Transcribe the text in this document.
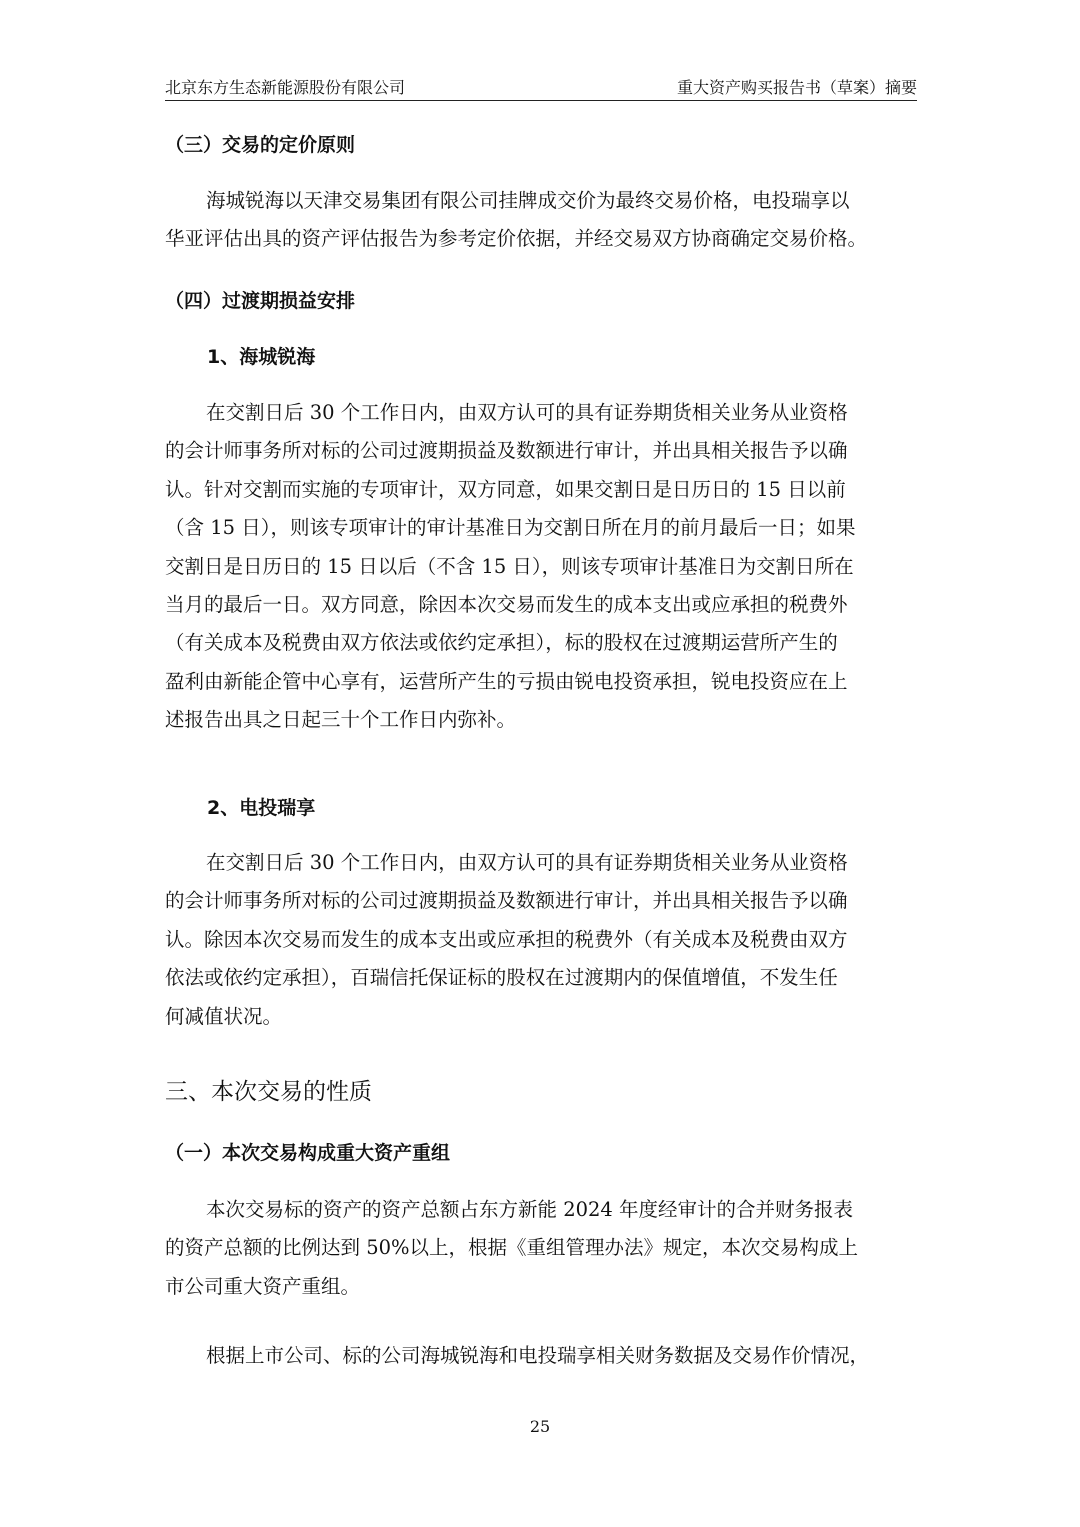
北京东方生态新能源股份有限公司	重大资产购买报告书（草案）摘要
（三）交易的定价原则
海城锐海以天津交易集团有限公司挂牌成交价为最终交易价格，电投瑞享以
华亚评估出具的资产评估报告为参考定价依据，并经交易双方协商确定交易价格。
（四）过渡期损益安排
1、海城锐海
在交割日后 30 个工作日内，由双方认可的具有证券期货相关业务从业资格
的会计师事务所对标的公司过渡期损益及数额进行审计，并出具相关报告予以确
认。针对交割而实施的专项审计，双方同意，如果交割日是日历日的 15 日以前
（含 15 日），则该专项审计的审计基准日为交割日所在月的前月最后一日；如果
交割日是日历日的 15 日以后（不含 15 日），则该专项审计基准日为交割日所在
当月的最后一日。双方同意，除因本次交易而发生的成本支出或应承担的税费外
（有关成本及税费由双方依法或依约定承担），标的股权在过渡期运营所产生的
盈利由新能企管中心享有，运营所产生的亏损由锐电投资承担，锐电投资应在上
述报告出具之日起三十个工作日内弥补。
2、电投瑞享
在交割日后 30 个工作日内，由双方认可的具有证券期货相关业务从业资格
的会计师事务所对标的公司过渡期损益及数额进行审计，并出具相关报告予以确
认。除因本次交易而发生的成本支出或应承担的税费外（有关成本及税费由双方
依法或依约定承担），百瑞信托保证标的股权在过渡期内的保值增值，不发生任
何减值状况。
三、本次交易的性质
（一）本次交易构成重大资产重组
本次交易标的资产的资产总额占东方新能 2024 年度经审计的合并财务报表
的资产总额的比例达到 50%以上，根据《重组管理办法》规定，本次交易构成上
市公司重大资产重组。
根据上市公司、标的公司海城锐海和电投瑞享相关财务数据及交易作价情况，
25
